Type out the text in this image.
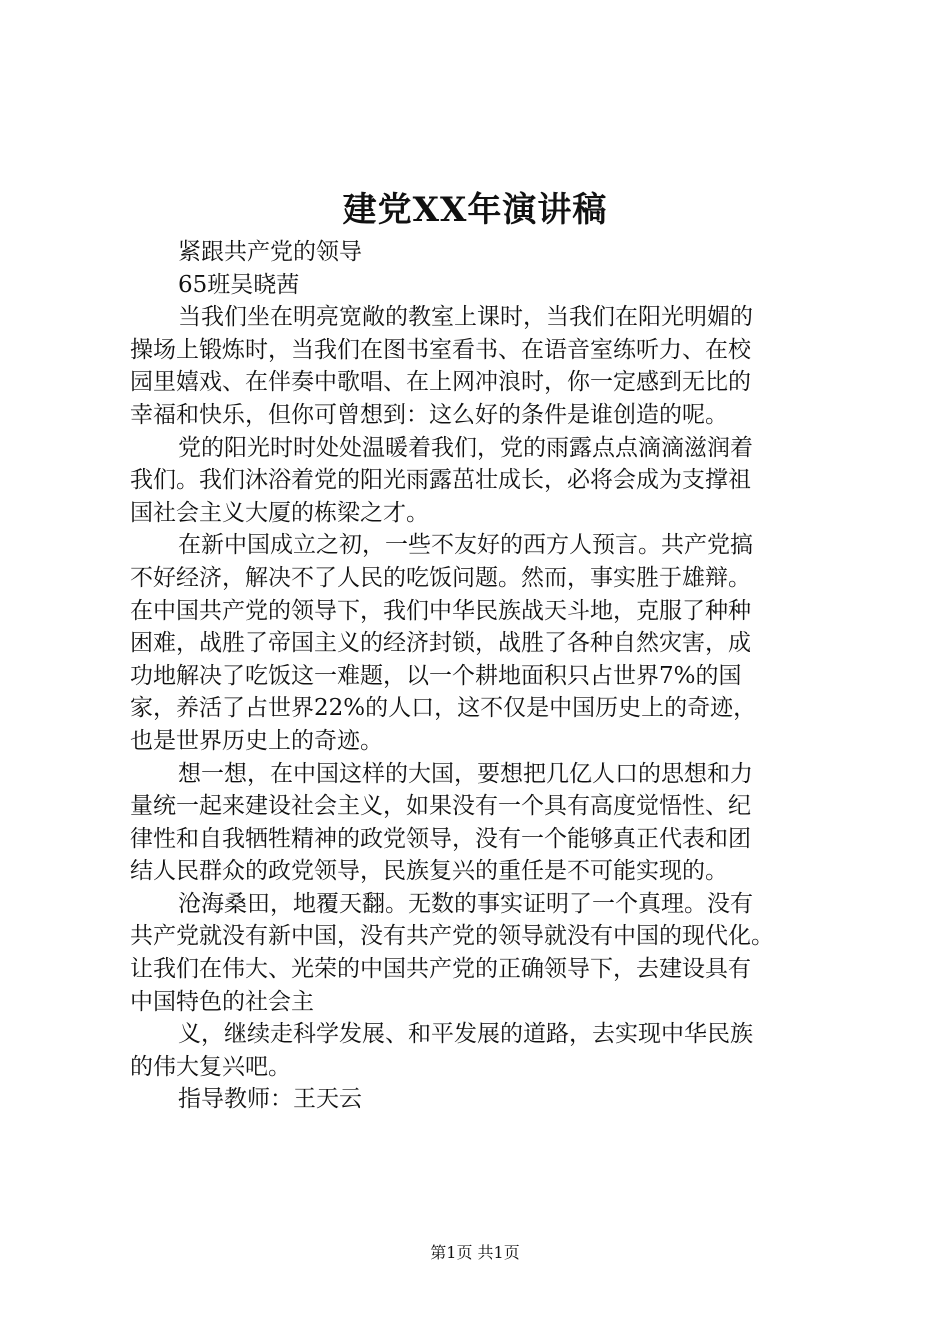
建党XX年演讲稿
紧跟共产党的领导
65班吴晓茜
当我们坐在明亮宽敞的教室上课时，当我们在阳光明媚的
操场上锻炼时，当我们在图书室看书、在语音室练听力、在校
园里嬉戏、在伴奏中歌唱、在上网冲浪时，你一定感到无比的
幸福和快乐，但你可曾想到：这么好的条件是谁创造的呢。
党的阳光时时处处温暖着我们，党的雨露点点滴滴滋润着
我们。我们沐浴着党的阳光雨露茁壮成长，必将会成为支撑祖
国社会主义大厦的栋梁之才。
在新中国成立之初，一些不友好的西方人预言。共产党搞
不好经济，解决不了人民的吃饭问题。然而，事实胜于雄辩。
在中国共产党的领导下，我们中华民族战天斗地，克服了种种
困难，战胜了帝国主义的经济封锁，战胜了各种自然灾害，成
功地解决了吃饭这一难题，以一个耕地面积只占世界7%的国
家，养活了占世界22%的人口，这不仅是中国历史上的奇迹，
也是世界历史上的奇迹。
想一想，在中国这样的大国，要想把几亿人口的思想和力
量统一起来建设社会主义，如果没有一个具有高度觉悟性、纪
律性和自我牺牲精神的政党领导，没有一个能够真正代表和团
结人民群众的政党领导，民族复兴的重任是不可能实现的。
沧海桑田，地覆天翻。无数的事实证明了一个真理。没有
共产党就没有新中国，没有共产党的领导就没有中国的现代化。
让我们在伟大、光荣的中国共产党的正确领导下，去建设具有
中国特色的社会主
义，继续走科学发展、和平发展的道路，去实现中华民族
的伟大复兴吧。
指导教师：王天云
第1页 共1页
